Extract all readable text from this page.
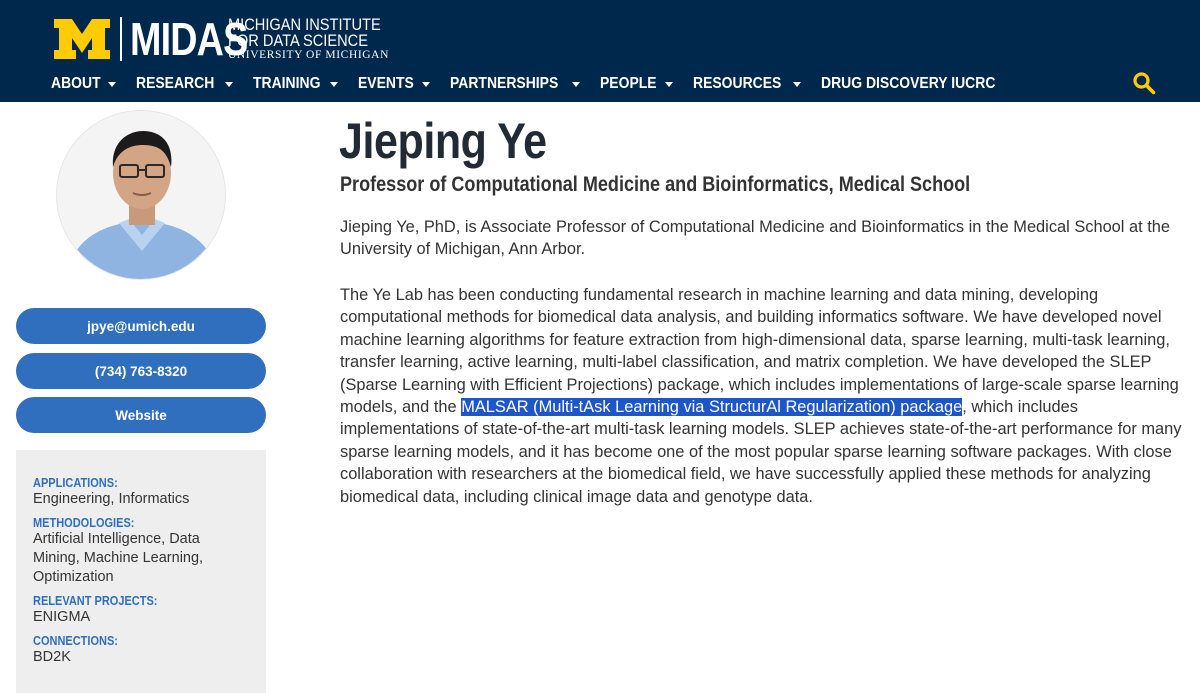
MIDAS
MICHIGAN INSTITUTE
FOR DATA SCIENCE
UNIVERSITY OF MICHIGAN
ABOUT RESEARCH TRAINING EVENTS PARTNERSHIPS	PEOPLE RESOURCES	DRUG DISCOVERY IUCRC
jpye@umich.edu
(734) 763-8320
Website
APPLICATIONS:
Engineering, Informatics
METHODOLOGIES:
Artificial Intelligence, Data Mining, Machine Learning, Optimization
RELEVANT PROJECTS:
ENIGMA
CONNECTIONS:
BD2K
Jieping Ye
Professor of Computational Medicine and Bioinformatics, Medical School

Jieping Ye, PhD, is Associate Professor of Computational Medicine and Bioinformatics in the Medical School at the University of Michigan, Ann Arbor.

The Ye Lab has been conducting fundamental research in machine learning and data mining, developing computational methods for biomedical data analysis, and building informatics software. We have developed novel machine learning algorithms for feature extraction from high-dimensional data, sparse learning, multi-task learning, transfer learning, active learning, multi-label classification, and matrix completion. We have developed the SLEP (Sparse Learning with Efficient Projections) package, which includes implementations of large-scale sparse learning models, and the MALSAR (Multi-tAsk Learning via StructurAl Regularization) package, which includes implementations of state-of-the-art multi-task learning models. SLEP achieves state-of-the-art performance for many sparse learning models, and it has become one of the most popular sparse learning software packages. With close collaboration with researchers at the biomedical field, we have successfully applied these methods for analyzing biomedical data, including clinical image data and genotype data.
